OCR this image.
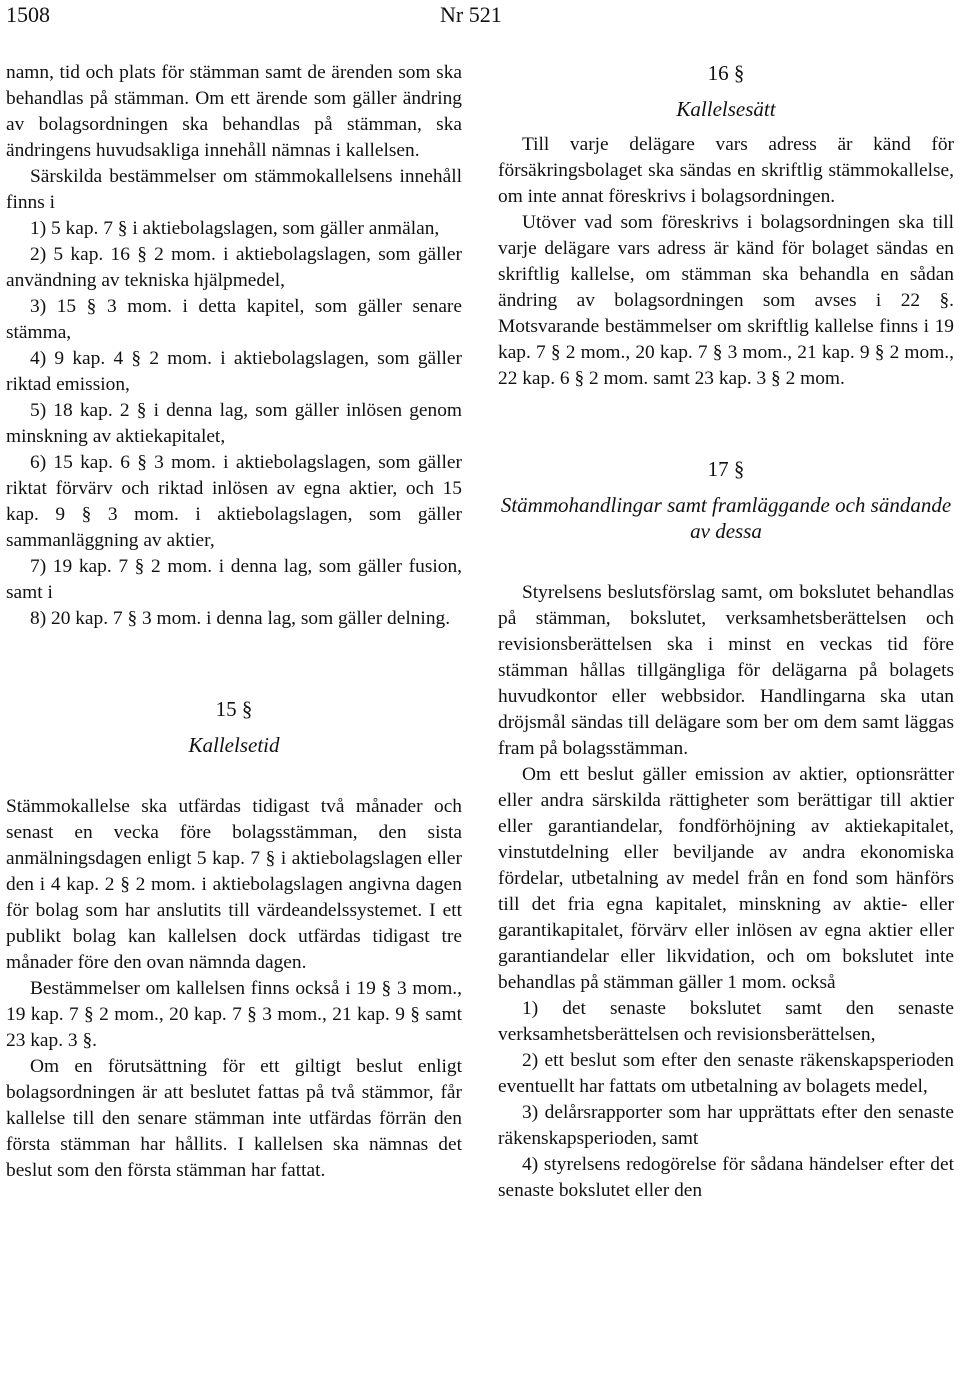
1508	Nr 521

namn, tid och plats för stämman samt de ärenden som ska behandlas på stämman. Om ett ärende som gäller ändring av bolagsordningen ska behandlas på stämman, ska ändringens huvudsakliga innehåll nämnas i kallelsen.

Särskilda bestämmelser om stämmokallelsens innehåll finns i

1) 5 kap. 7 § i aktiebolagslagen, som gäller anmälan,

2) 5 kap. 16 § 2 mom. i aktiebolagslagen, som gäller användning av tekniska hjälpmedel,

3) 15 § 3 mom. i detta kapitel, som gäller senare stämma,

4) 9 kap. 4 § 2 mom. i aktiebolagslagen, som gäller riktad emission,

5) 18 kap. 2 § i denna lag, som gäller inlösen genom minskning av aktiekapitalet,

6) 15 kap. 6 § 3 mom. i aktiebolagslagen, som gäller riktat förvärv och riktad inlösen av egna aktier, och 15 kap. 9 § 3 mom. i aktiebolagslagen, som gäller sammanläggning av aktier,

7) 19 kap. 7 § 2 mom. i denna lag, som gäller fusion, samt i

8) 20 kap. 7 § 3 mom. i denna lag, som gäller delning.

15 §
Kallelsetid

Stämmokallelse ska utfärdas tidigast två månader och senast en vecka före bolagsstämman, den sista anmälningsdagen enligt 5 kap. 7 § i aktiebolagslagen eller den i 4 kap. 2 § 2 mom. i aktiebolagslagen angivna dagen för bolag som har anslutits till värdeandelssystemet. I ett publikt bolag kan kallelsen dock utfärdas tidigast tre månader före den ovan nämnda dagen.

Bestämmelser om kallelsen finns också i 19 § 3 mom., 19 kap. 7 § 2 mom., 20 kap. 7 § 3 mom., 21 kap. 9 § samt 23 kap. 3 §.

Om en förutsättning för ett giltigt beslut enligt bolagsordningen är att beslutet fattas på två stämmor, får kallelse till den senare stämman inte utfärdas förrän den första stämman har hållits. I kallelsen ska nämnas det beslut som den första stämman har fattat.

16 §
Kallelsesätt

Till varje delägare vars adress är känd för försäkringsbolaget ska sändas en skriftlig stämmokallelse, om inte annat föreskrivs i bolagsordningen.

Utöver vad som föreskrivs i bolagsordningen ska till varje delägare vars adress är känd för bolaget sändas en skriftlig kallelse, om stämman ska behandla en sådan ändring av bolagsordningen som avses i 22 §. Motsvarande bestämmelser om skriftlig kallelse finns i 19 kap. 7 § 2 mom., 20 kap. 7 § 3 mom., 21 kap. 9 § 2 mom., 22 kap. 6 § 2 mom. samt 23 kap. 3 § 2 mom.

17 §
Stämmohandlingar samt framläggande och sändande av dessa

Styrelsens beslutsförslag samt, om bokslutet behandlas på stämman, bokslutet, verksamhetsberättelsen och revisionsberättelsen ska i minst en veckas tid före stämman hållas tillgängliga för delägarna på bolagets huvudkontor eller webbsidor. Handlingarna ska utan dröjsmål sändas till delägare som ber om dem samt läggas fram på bolagsstämman.

Om ett beslut gäller emission av aktier, optionsrätter eller andra särskilda rättigheter som berättigar till aktier eller garantiandelar, fondförhöjning av aktiekapitalet, vinstutdelning eller beviljande av andra ekonomiska fördelar, utbetalning av medel från en fond som hänförs till det fria egna kapitalet, minskning av aktie- eller garantikapitalet, förvärv eller inlösen av egna aktier eller garantiandelar eller likvidation, och om bokslutet inte behandlas på stämman gäller 1 mom. också

1) det senaste bokslutet samt den senaste verksamhetsberättelsen och revisionsberättelsen,

2) ett beslut som efter den senaste räkenskapsperioden eventuellt har fattats om utbetalning av bolagets medel,

3) delårsrapporter som har upprättats efter den senaste räkenskapsperioden, samt

4) styrelsens redogörelse för sådana händelser efter det senaste bokslutet eller den
